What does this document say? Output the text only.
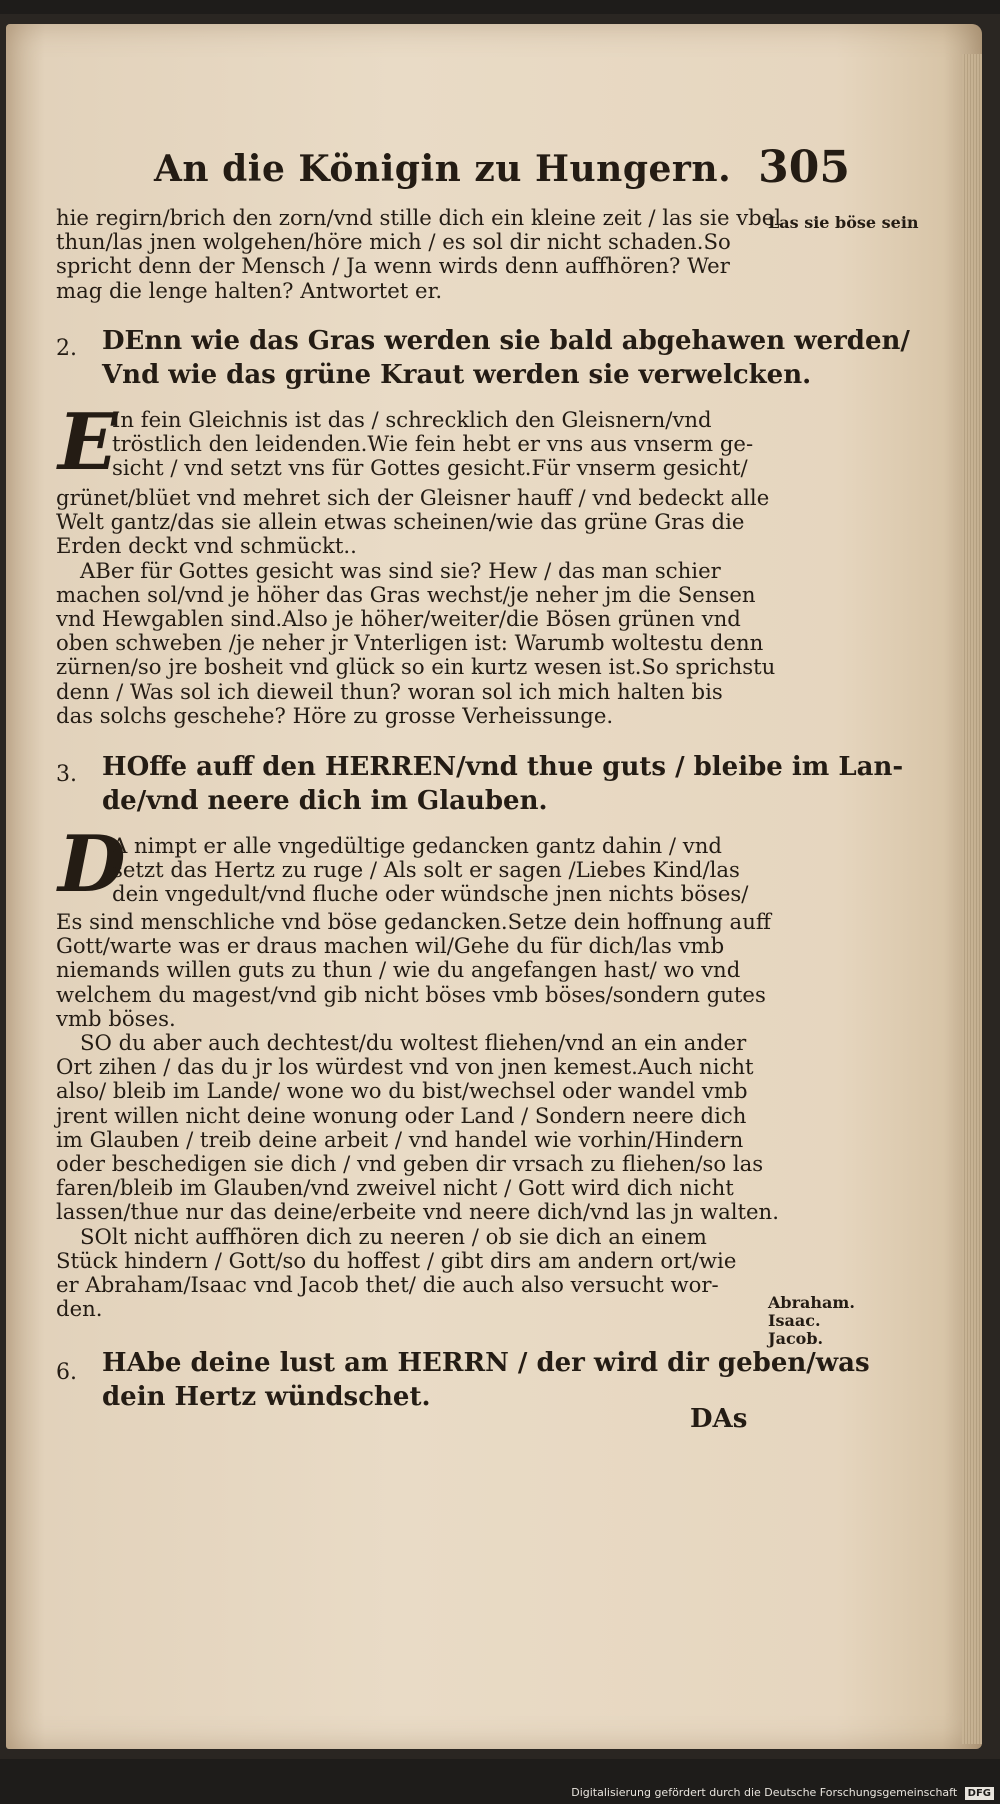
An die Königin zu Hungern. 305
Las sie böse sein
hie regirn/brich den zorn/vnd stille dich ein kleine zeit / las sie vbel
thun/las jnen wolgehen/höre mich / es sol dir nicht schaden.So
spricht denn der Mensch / Ja wenn wirds denn auffhören? Wer
mag die lenge halten? Antwortet er.
2. DEnn wie das Gras werden sie bald abgehawen werden/
Vnd wie das grüne Kraut werden sie verwelcken.
E
In fein Gleichnis ist das / schrecklich den Gleisnern/vnd
tröstlich den leidenden.Wie fein hebt er vns aus vnserm ge-
sicht / vnd setzt vns für Gottes gesicht.Für vnserm gesicht/
grünet/blüet vnd mehret sich der Gleisner hauff / vnd bedeckt alle
Welt gantz/das sie allein etwas scheinen/wie das grüne Gras die
Erden deckt vnd schmückt..
ABer für Gottes gesicht was sind sie? Hew / das man schier
machen sol/vnd je höher das Gras wechst/je neher jm die Sensen
vnd Hewgablen sind.Also je höher/weiter/die Bösen grünen vnd
oben schweben /je neher jr Vnterligen ist: Warumb woltestu denn
zürnen/so jre bosheit vnd glück so ein kurtz wesen ist.So sprichstu
denn / Was sol ich dieweil thun? woran sol ich mich halten bis
das solchs geschehe? Höre zu grosse Verheissunge.
3. HOffe auff den HERREN/vnd thue guts / bleibe im Lan-
de/vnd neere dich im Glauben.
D
A nimpt er alle vngedültige gedancken gantz dahin / vnd
setzt das Hertz zu ruge / Als solt er sagen /Liebes Kind/las
dein vngedult/vnd fluche oder wündsche jnen nichts böses/
Es sind menschliche vnd böse gedancken.Setze dein hoffnung auff
Gott/warte was er draus machen wil/Gehe du für dich/las vmb
niemands willen guts zu thun / wie du angefangen hast/ wo vnd
welchem du magest/vnd gib nicht böses vmb böses/sondern gutes
vmb böses.
SO du aber auch dechtest/du woltest fliehen/vnd an ein ander
Ort zihen / das du jr los würdest vnd von jnen kemest.Auch nicht
also/ bleib im Lande/ wone wo du bist/wechsel oder wandel vmb
jrent willen nicht deine wonung oder Land / Sondern neere dich
im Glauben / treib deine arbeit / vnd handel wie vorhin/Hindern
oder beschedigen sie dich / vnd geben dir vrsach zu fliehen/so las
faren/bleib im Glauben/vnd zweivel nicht / Gott wird dich nicht
lassen/thue nur das deine/erbeite vnd neere dich/vnd las jn walten.
SOlt nicht auffhören dich zu neeren / ob sie dich an einem
Stück hindern / Gott/so du hoffest / gibt dirs am andern ort/wie
er Abraham/Isaac vnd Jacob thet/ die auch also versucht wor-
den.	Abraham.
Isaac.
Jacob.
6. HAbe deine lust am HERRN / der wird dir geben/was
dein Hertz wündschet.
DAs
Digitalisierung gefördert durch die Deutsche Forschungsgemeinschaft DFG
